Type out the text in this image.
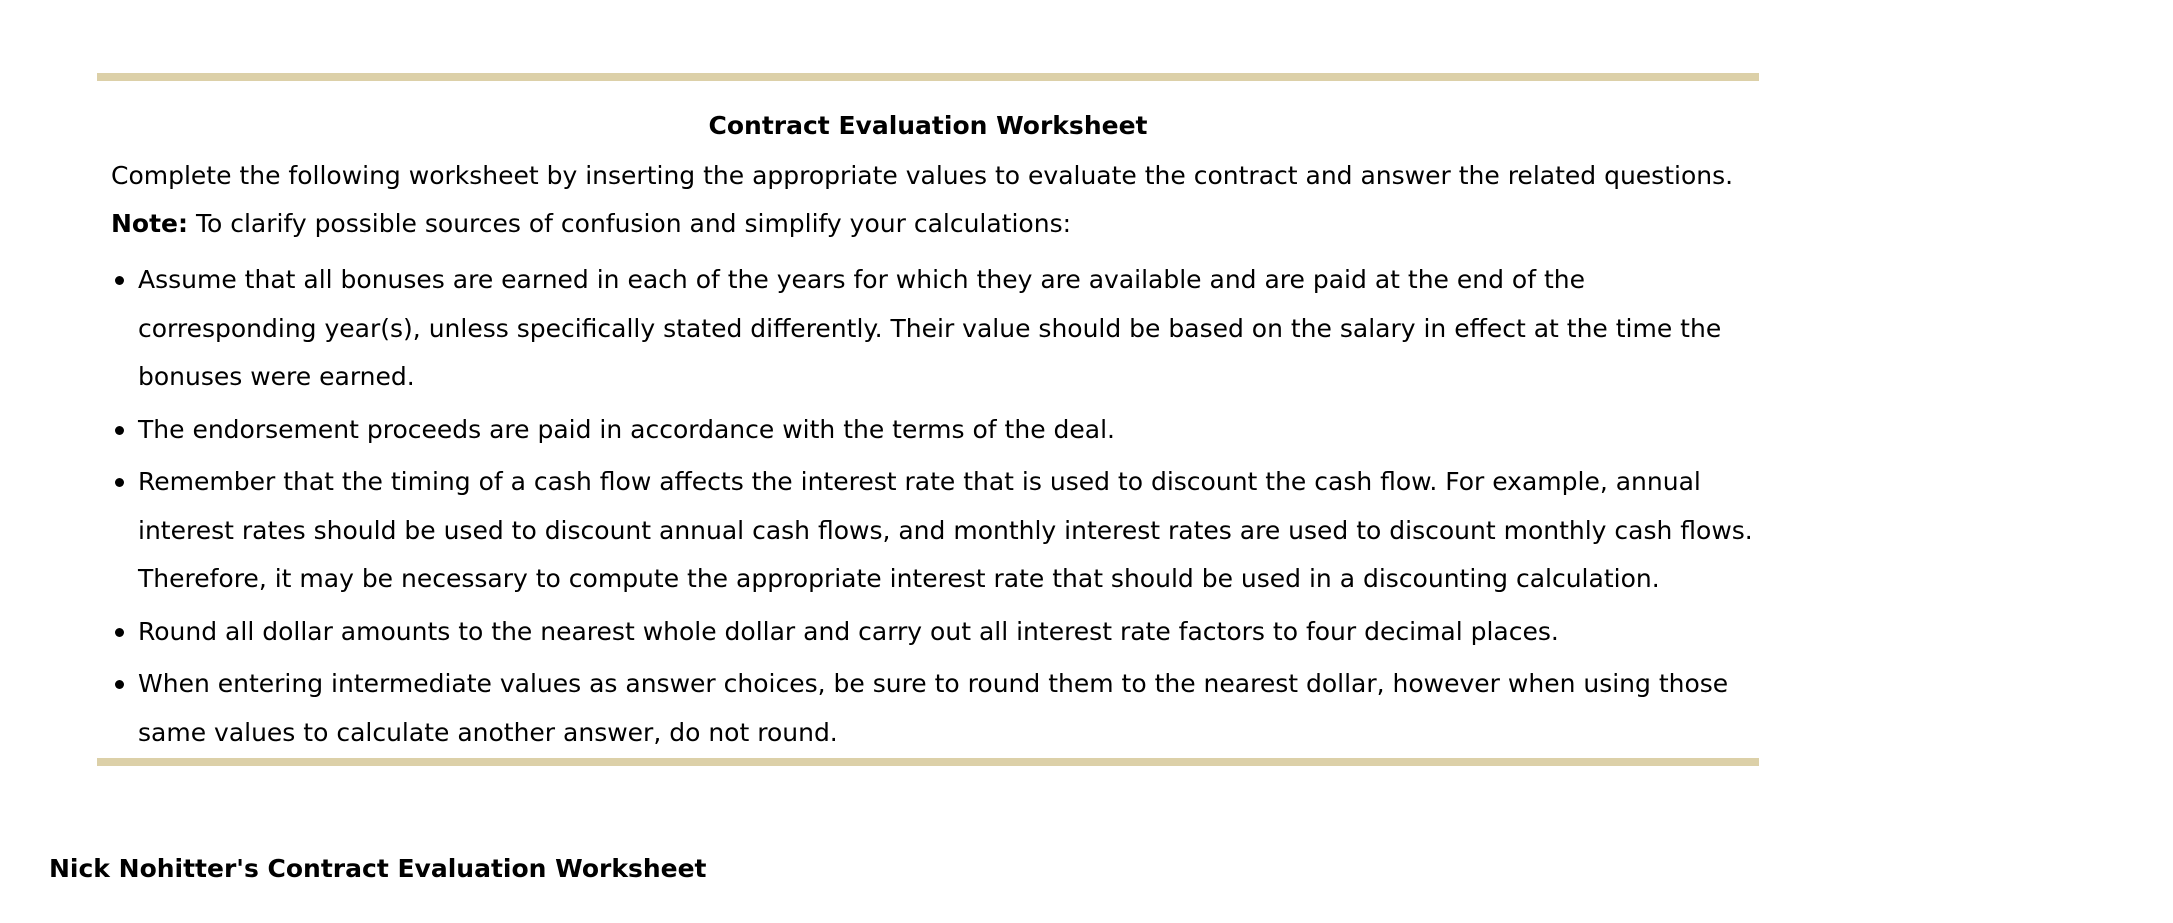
Contract Evaluation Worksheet
Complete the following worksheet by inserting the appropriate values to evaluate the contract and answer the related questions.
Note: To clarify possible sources of confusion and simplify your calculations:
Assume that all bonuses are earned in each of the years for which they are available and are paid at the end of the corresponding year(s), unless specifically stated differently. Their value should be based on the salary in effect at the time the bonuses were earned.
The endorsement proceeds are paid in accordance with the terms of the deal.
Remember that the timing of a cash flow affects the interest rate that is used to discount the cash flow. For example, annual interest rates should be used to discount annual cash flows, and monthly interest rates are used to discount monthly cash flows. Therefore, it may be necessary to compute the appropriate interest rate that should be used in a discounting calculation.
Round all dollar amounts to the nearest whole dollar and carry out all interest rate factors to four decimal places.
When entering intermediate values as answer choices, be sure to round them to the nearest dollar, however when using those same values to calculate another answer, do not round.
Nick Nohitter's Contract Evaluation Worksheet
